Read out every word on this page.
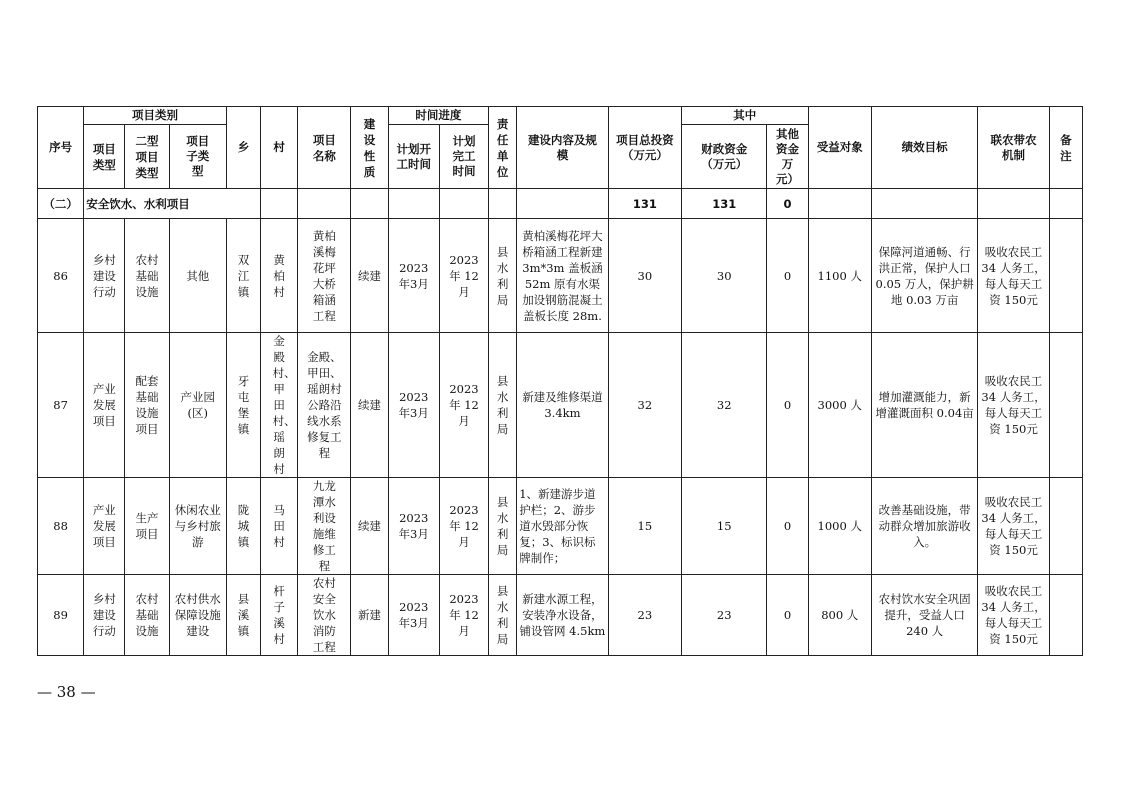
序号	项目类别			乡	村	项目名称	建设性质	时间进度		责任单位	建设内容及规模	项目总投资（万元）	其中		受益对象	绩效目标	联农带农机制	备注
	项目类型	二型项目类型	项目子类型					计划开工时间	计划完工时间				财政资金（万元）	其他资金万元）				
（二）	安全饮水、水利项目											131	131	0				
86	乡村建设行动	农村基础设施	其他	双江镇	黄柏村	黄柏溪梅花坪大桥箱涵工程	续建	2023 年3月	2023年 12月	县水利局	黄柏溪梅花坪大桥箱涵工程新建 3m*3m 盖板涵 52m 原有水渠加设钢筋混凝土盖板长度 28m.	30	30	0	1100 人	保障河道通畅、行洪正常，保护人口 0.05 万人，保护耕地 0.03 万亩	吸收农民工 34 人务工，每人每天工资 150元	
87	产业发展项目	配套基础设施项目	产业园(区)	牙屯堡镇	金殿村、甲田村、瑶朗村	金殿、甲田、瑶朗村公路沿线水系修复工程	续建	2023 年3月	2023年 12月	县水利局	新建及维修渠道 3.4km	32	32	0	3000 人	增加灌溉能力，新增灌溉面积 0.04亩	吸收农民工 34 人务工，每人每天工资 150元	
88	产业发展项目	生产项目	休闲农业与乡村旅游	陇城镇	马田村	九龙潭水利设施维修工程	续建	2023 年3月	2023年 12月	县水利局	1、新建游步道护栏；2、游步道水毁部分恢复；3、标识标牌制作；	15	15	0	1000 人	改善基础设施，带动群众增加旅游收入。	吸收农民工 34 人务工，每人每天工资 150元	
89	乡村建设行动	农村基础设施	农村供水保障设施建设	县溪镇	杆子溪村	农村安全饮水消防工程	新建	2023 年3月	2023年 12月	县水利局	新建水源工程，安装净水设备，铺设管网 4.5km	23	23	0	800 人	农村饮水安全巩固提升，受益人口240 人	吸收农民工 34 人务工，每人每天工资 150元	
— 38 —
